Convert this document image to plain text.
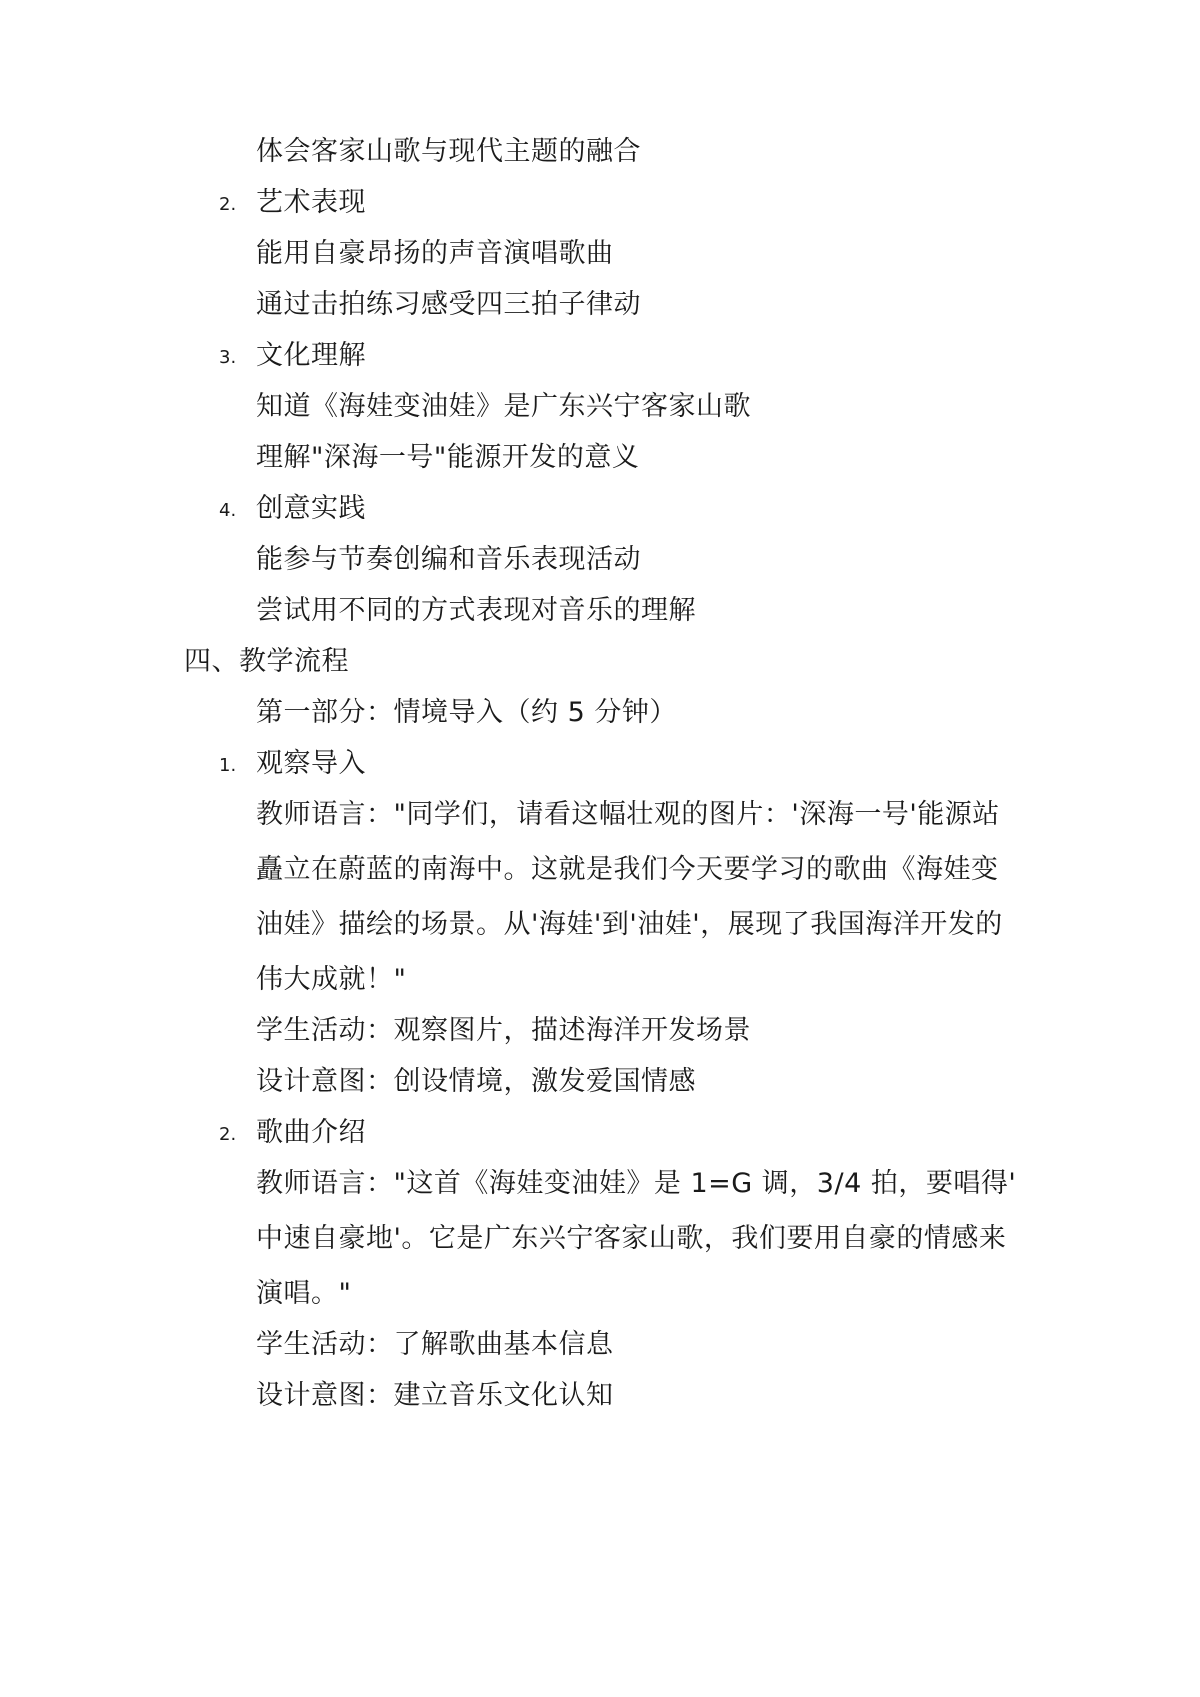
体会客家山歌与现代主题的融合
2. 艺术表现
能用自豪昂扬的声音演唱歌曲
通过击拍练习感受四三拍子律动
3. 文化理解
知道《海娃变油娃》是广东兴宁客家山歌
理解"深海一号"能源开发的意义
4. 创意实践
能参与节奏创编和音乐表现活动
尝试用不同的方式表现对音乐的理解
四、教学流程
第一部分：情境导入（约 5 分钟）
1. 观察导入
教师语言："同学们，请看这幅壮观的图片：'深海一号'能源站
矗立在蔚蓝的南海中。这就是我们今天要学习的歌曲《海娃变
油娃》描绘的场景。从'海娃'到'油娃'，展现了我国海洋开发的
伟大成就！"
学生活动：观察图片，描述海洋开发场景
设计意图：创设情境，激发爱国情感
2. 歌曲介绍
教师语言："这首《海娃变油娃》是 1=G 调，3/4 拍，要唱得'
中速自豪地'。它是广东兴宁客家山歌，我们要用自豪的情感来
演唱。"
学生活动：了解歌曲基本信息
设计意图：建立音乐文化认知
